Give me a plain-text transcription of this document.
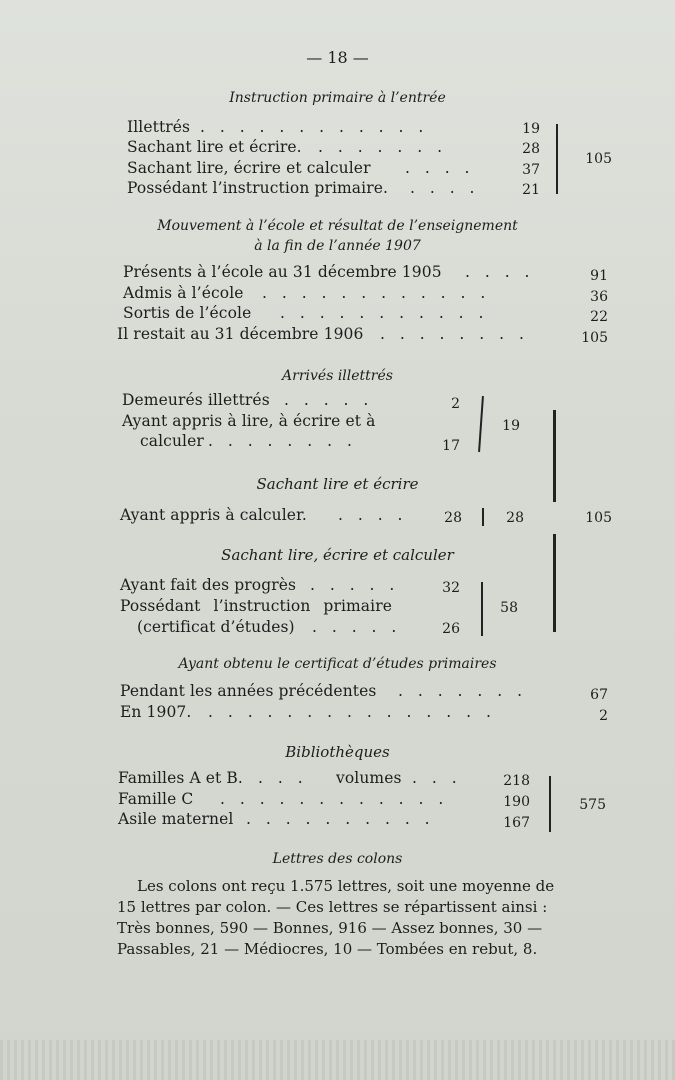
— 18 —
Instruction primaire à l’entrée
Illettrés . . . . . . . . . . . .	19
Sachant lire et écrire. . . . . . . .	28
Sachant lire, écrire et calculer . . . .	37
Possédant l’instruction primaire. . . . .	21
105
Mouvement à l’école et résultat de l’enseignement
à la fin de l’année 1907
Présents à l’école au 31 décembre 1905 . . . .	91
Admis à l’école . . . . . . . . . . . .	36
Sortis de l’école . . . . . . . . . . .	22
Il restait au 31 décembre 1906 . . . . . . . .	105
Arrivés illettrés
Demeurés illettrés . . . . .	2
Ayant appris à lire, à écrire et à
calculer . . . . . . . .	17
19
Sachant lire et écrire
Ayant appris à calculer. . . . .	28	28	105
Sachant lire, écrire et calculer
Ayant fait des progrès . . . . .	32
Possédant l’instruction primaire
(certificat d’études) . . . . .	26
58
Ayant obtenu le certificat d’études primaires
Pendant les années précédentes . . . . . . .	67
En 1907. . . . . . . . . . . . . . . .	2
Bibliothèques
Familles A et B. . . . volumes . . .	218
Famille C . . . . . . . . . . . .	190
Asile maternel . . . . . . . . . .	167
575
Lettres des colons
Les colons ont reçu 1.575 lettres, soit une moyenne de
15 lettres par colon. — Ces lettres se répartissent ainsi :
Très bonnes, 590 — Bonnes, 916 — Assez bonnes, 30 —
Passables, 21 — Médiocres, 10 — Tombées en rebut, 8.
